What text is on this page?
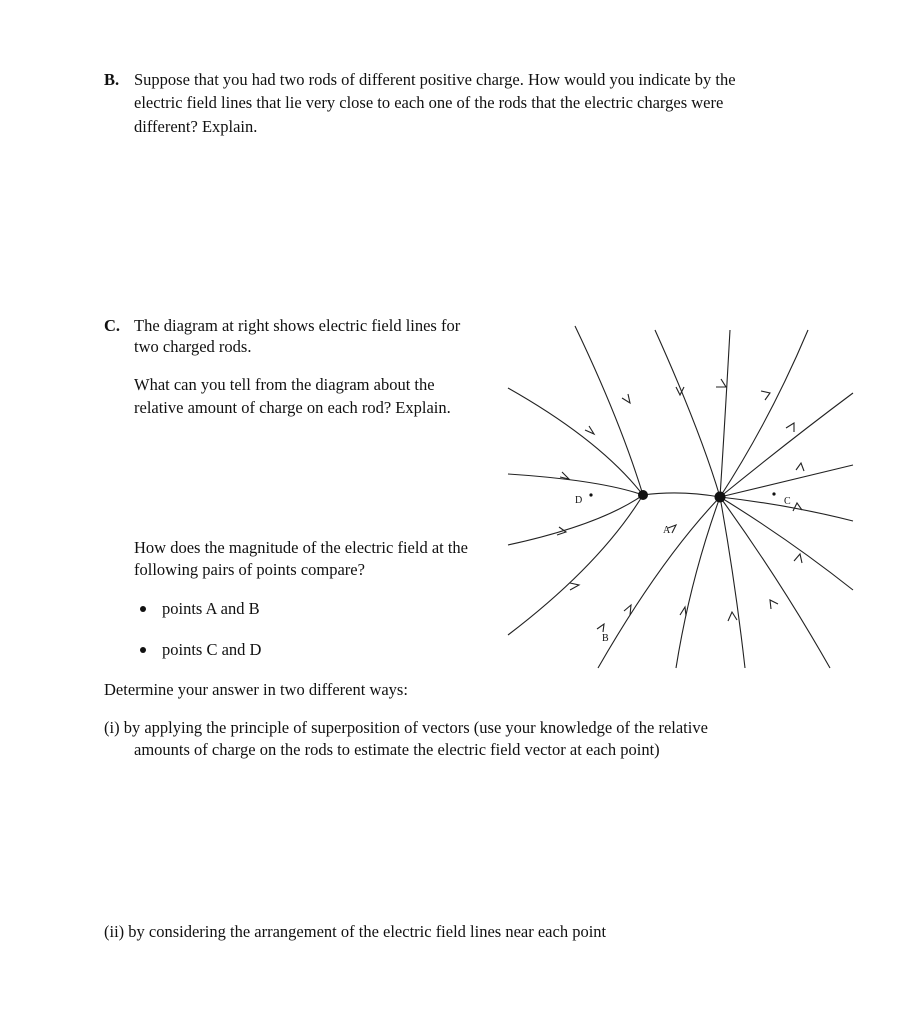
B. Suppose that you had two rods of different positive charge. How would you indicate by the
electric field lines that lie very close to each one of the rods that the electric charges were
different? Explain.
C. The diagram at right shows electric field lines for
two charged rods.
What can you tell from the diagram about the
relative amount of charge on each rod? Explain.
How does the magnitude of the electric field at the
following pairs of points compare?
points A and B
points C and D
Determine your answer in two different ways:
(i) by applying the principle of superposition of vectors (use your knowledge of the relative
amounts of charge on the rods to estimate the electric field vector at each point)
(ii) by considering the arrangement of the electric field lines near each point
D	C
A
B
